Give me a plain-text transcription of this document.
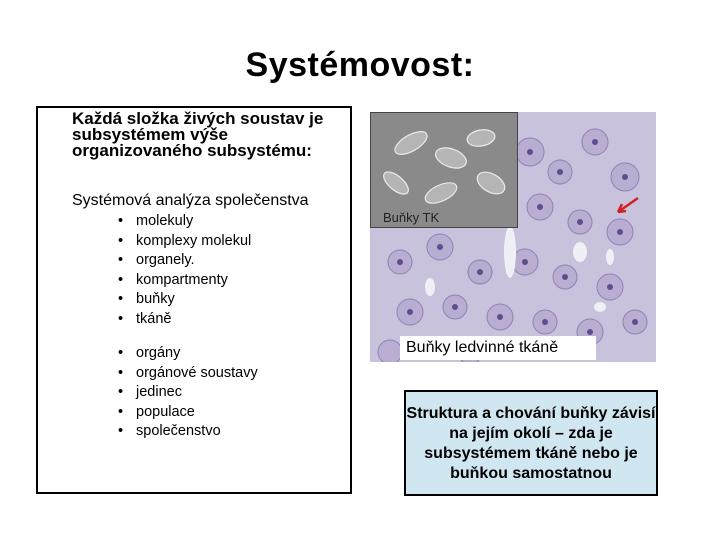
Systémovost:
Každá složka živých soustav je subsystémem výše organizovaného subsystému:
Systémová analýza společenstva
• molekuly
• komplexy molekul
• organely.
• kompartmenty
• buňky
• tkáně
• orgány
• orgánové soustavy
• jedinec
• populace
• společenstvo
Buňky TK
Buňky ledvinné tkáně
Struktura a chování buňky závisí na jejím okolí – zda je subsystémem tkáně nebo je buňkou samostatnou
